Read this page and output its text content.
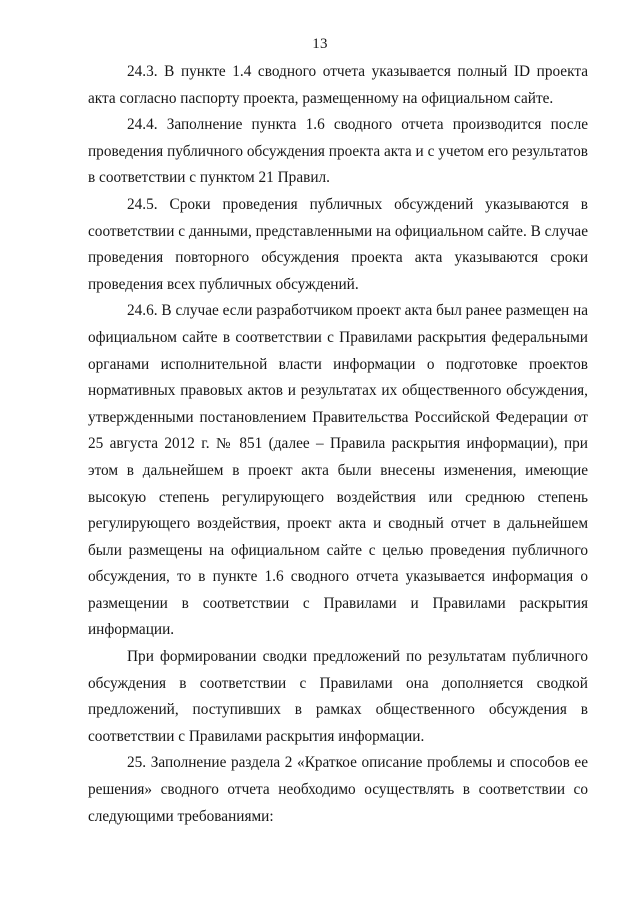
13

24.3. В пункте 1.4 сводного отчета указывается полный ID проекта акта согласно паспорту проекта, размещенному на официальном сайте.

24.4. Заполнение пункта 1.6 сводного отчета производится после проведения публичного обсуждения проекта акта и с учетом его результатов в соответствии с пунктом 21 Правил.

24.5. Сроки проведения публичных обсуждений указываются в соответствии с данными, представленными на официальном сайте. В случае проведения повторного обсуждения проекта акта указываются сроки проведения всех публичных обсуждений.

24.6. В случае если разработчиком проект акта был ранее размещен на официальном сайте в соответствии с Правилами раскрытия федеральными органами исполнительной власти информации о подготовке проектов нормативных правовых актов и результатах их общественного обсуждения, утвержденными постановлением Правительства Российской Федерации от 25 августа 2012 г. № 851 (далее – Правила раскрытия информации), при этом в дальнейшем в проект акта были внесены изменения, имеющие высокую степень регулирующего воздействия или среднюю степень регулирующего воздействия, проект акта и сводный отчет в дальнейшем были размещены на официальном сайте с целью проведения публичного обсуждения, то в пункте 1.6 сводного отчета указывается информация о размещении в соответствии с Правилами и Правилами раскрытия информации.

При формировании сводки предложений по результатам публичного обсуждения в соответствии с Правилами она дополняется сводкой предложений, поступивших в рамках общественного обсуждения в соответствии с Правилами раскрытия информации.

25. Заполнение раздела 2 «Краткое описание проблемы и способов ее решения» сводного отчета необходимо осуществлять в соответствии со следующими требованиями:
